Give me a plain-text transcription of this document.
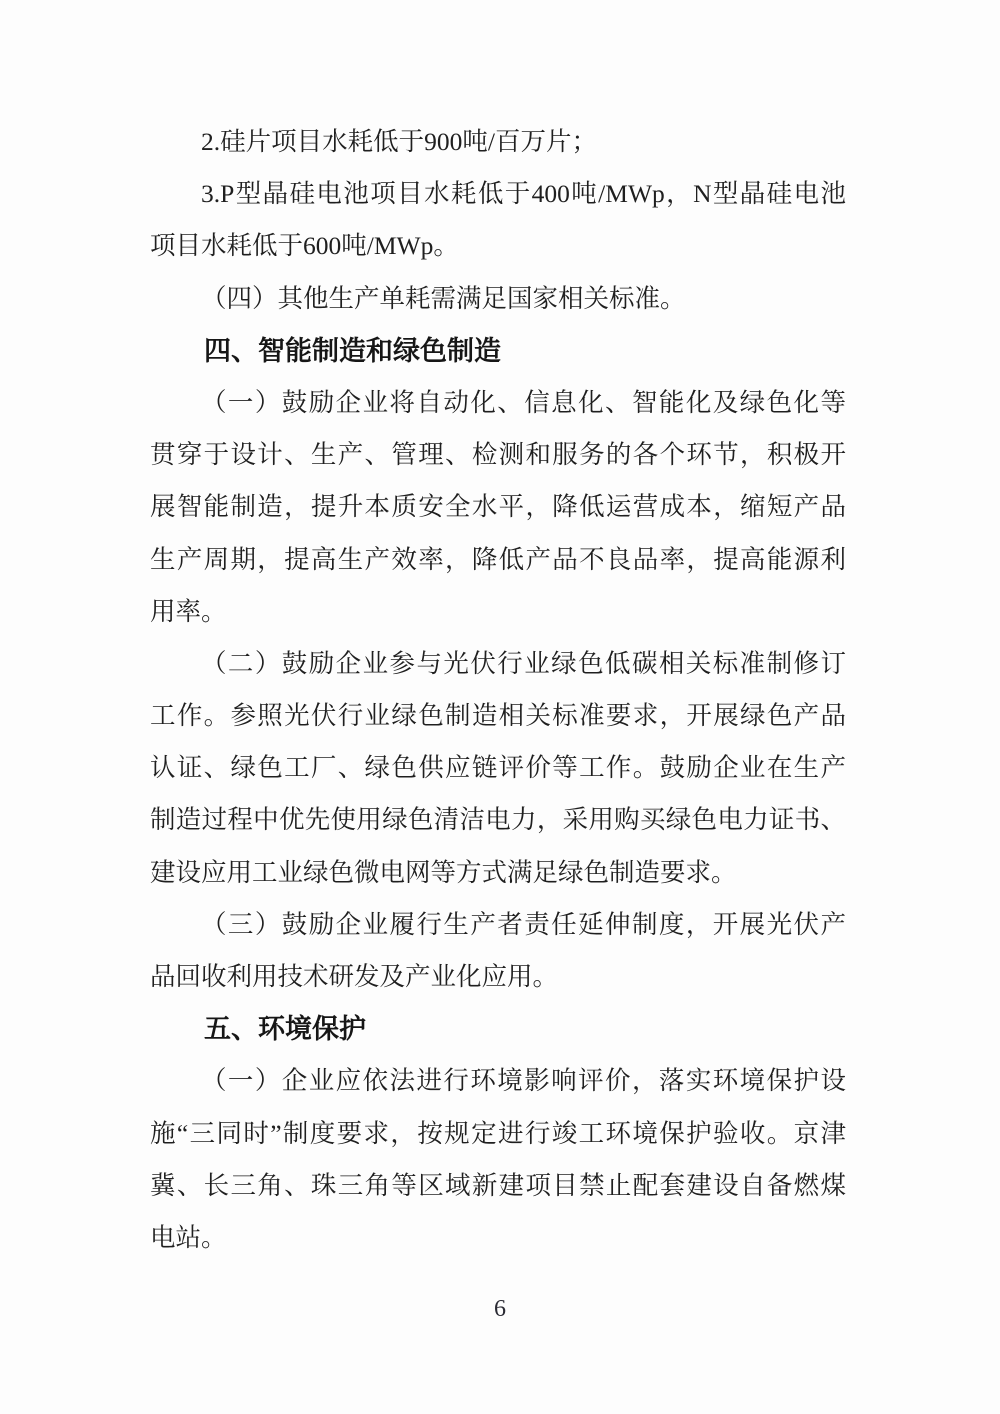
2.硅片项目水耗低于900吨/百万片；
3.P型晶硅电池项目水耗低于400吨/MWp，N型晶硅电池
项目水耗低于600吨/MWp。
（四）其他生产单耗需满足国家相关标准。
四、智能制造和绿色制造
（一）鼓励企业将自动化、信息化、智能化及绿色化等
贯穿于设计、生产、管理、检测和服务的各个环节，积极开
展智能制造，提升本质安全水平，降低运营成本，缩短产品
生产周期，提高生产效率，降低产品不良品率，提高能源利
用率。
（二）鼓励企业参与光伏行业绿色低碳相关标准制修订
工作。参照光伏行业绿色制造相关标准要求，开展绿色产品
认证、绿色工厂、绿色供应链评价等工作。鼓励企业在生产
制造过程中优先使用绿色清洁电力，采用购买绿色电力证书、
建设应用工业绿色微电网等方式满足绿色制造要求。
（三）鼓励企业履行生产者责任延伸制度，开展光伏产
品回收利用技术研发及产业化应用。
五、环境保护
（一）企业应依法进行环境影响评价，落实环境保护设
施“三同时”制度要求，按规定进行竣工环境保护验收。京津
冀、长三角、珠三角等区域新建项目禁止配套建设自备燃煤
电站。
6
